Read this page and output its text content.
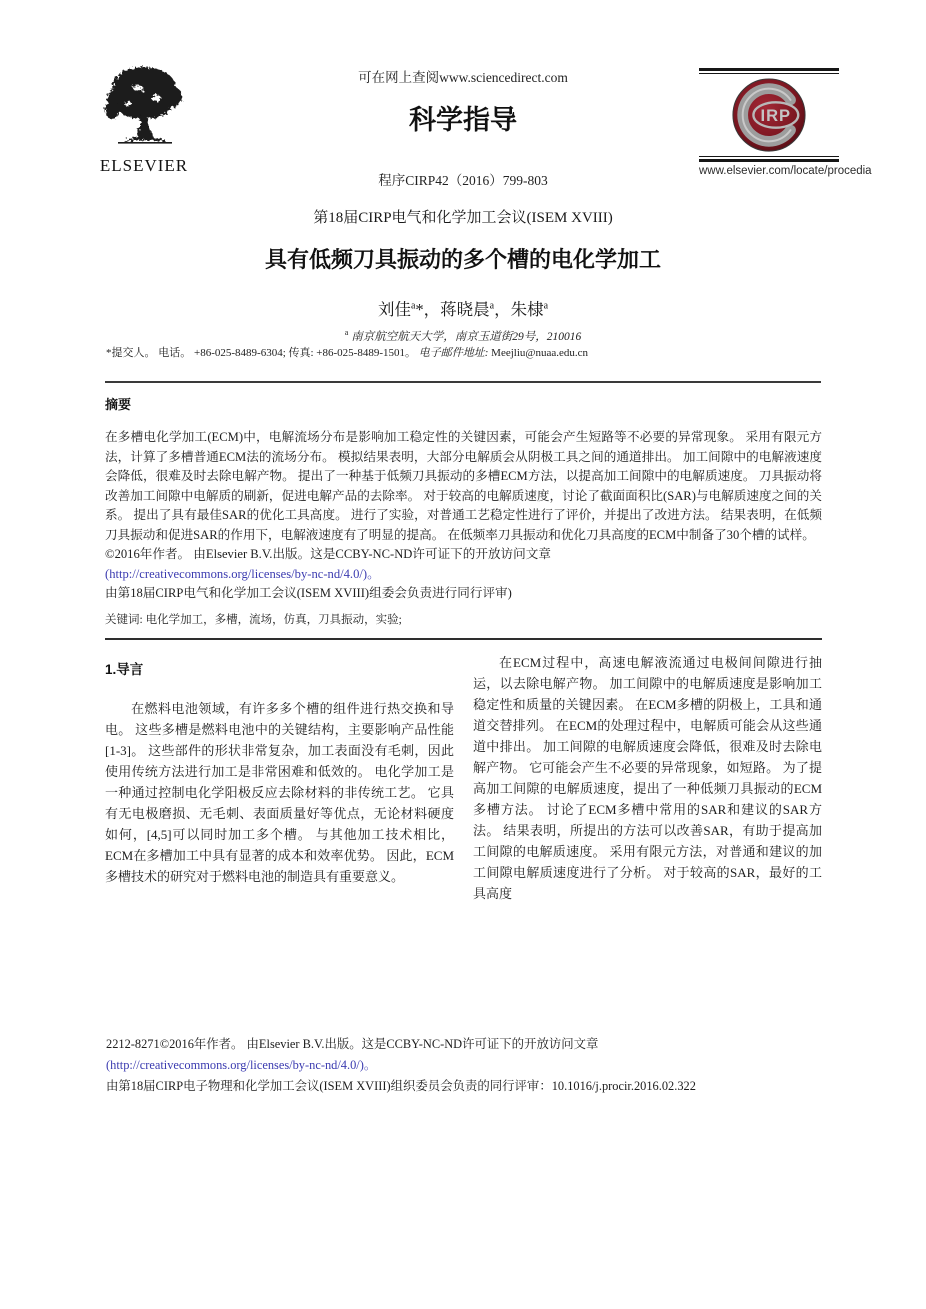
ELSEVIER
可在网上查阅www.sciencedirect.com
科学指导
程序CIRP42（2016）799-803
IRP
www.elsevier.com/locate/procedia
第18届CIRP电气和化学加工会议(ISEM XVIII)
具有低频刀具振动的多个槽的电化学加工
刘佳$^a$*，蒋晓晨$^a$，朱棣$^a$
$^a$ 南京航空航天大学，南京玉道街29号，210016
*提交人。 电话。 +86-025-8489-6304; 传真: +86-025-8489-1501。 电子邮件地址: Meejliu@nuaa.edu.cn
摘要

在多槽电化学加工(ECM)中，电解流场分布是影响加工稳定性的关键因素，可能会产生短路等不必要的异常现象。 采用有限元方法，计算了多槽普通ECM法的流场分布。 模拟结果表明，大部分电解质会从阴极工具之间的通道排出。 加工间隙中的电解液速度会降低，很难及时去除电解产物。 提出了一种基于低频刀具振动的多槽ECM方法，以提高加工间隙中的电解质速度。 刀具振动将改善加工间隙中电解质的刷新，促进电解产品的去除率。 对于较高的电解质速度，讨论了截面面积比(SAR)与电解质速度之间的关系。 提出了具有最佳SAR的优化工具高度。 进行了实验，对普通工艺稳定性进行了评价，并提出了改进方法。 结果表明，在低频刀具振动和促进SAR的作用下，电解液速度有了明显的提高。 在低频率刀具振动和优化刀具高度的ECM中制备了30个槽的试样。

©2016年作者。 由Elsevier B.V.出版。这是CCBY-NC-ND许可证下的开放访问文章
(http://creativecommons.org/licenses/by-nc-nd/4.0/)。
由第18届CIRP电气和化学加工会议(ISEM XVIII)组委会负责进行同行评审)
关键词: 电化学加工，多槽，流场，仿真，刀具振动，实验;
1.导言

在燃料电池领域，有许多多个槽的组件进行热交换和导电。 这些多槽是燃料电池中的关键结构，主要影响产品性能[1-3]。 这些部件的形状非常复杂，加工表面没有毛刺，因此使用传统方法进行加工是非常困难和低效的。 电化学加工是一种通过控制电化学阳极反应去除材料的非传统工艺。 它具有无电极磨损、无毛刺、表面质量好等优点，无论材料硬度如何，[4,5]可以同时加工多个槽。 与其他加工技术相比，ECM在多槽加工中具有显著的成本和效率优势。 因此，ECM多槽技术的研究对于燃料电池的制造具有重要意义。

在ECM过程中，高速电解液流通过电极间间隙进行抽运，以去除电解产物。 加工间隙中的电解质速度是影响加工稳定性和质量的关键因素。 在ECM多槽的阴极上，工具和通道交替排列。 在ECM的处理过程中，电解质可能会从这些通道中排出。 加工间隙的电解质速度会降低，很难及时去除电解产物。 它可能会产生不必要的异常现象，如短路。 为了提高加工间隙的电解质速度，提出了一种低频刀具振动的ECM多槽方法。 讨论了ECM多槽中常用的SAR和建议的SAR方法。 结果表明，所提出的方法可以改善SAR，有助于提高加工间隙的电解质速度。 采用有限元方法，对普通和建议的加工间隙电解质速度进行了分析。 对于较高的SAR，最好的工具高度

2212-8271©2016年作者。 由Elsevier B.V.出版。这是CCBY-NC-ND许可证下的开放访问文章
(http://creativecommons.org/licenses/by-nc-nd/4.0/)。
由第18届CIRP电子物理和化学加工会议(ISEM XVIII)组织委员会负责的同行评审：10.1016/j.procir.2016.02.322
